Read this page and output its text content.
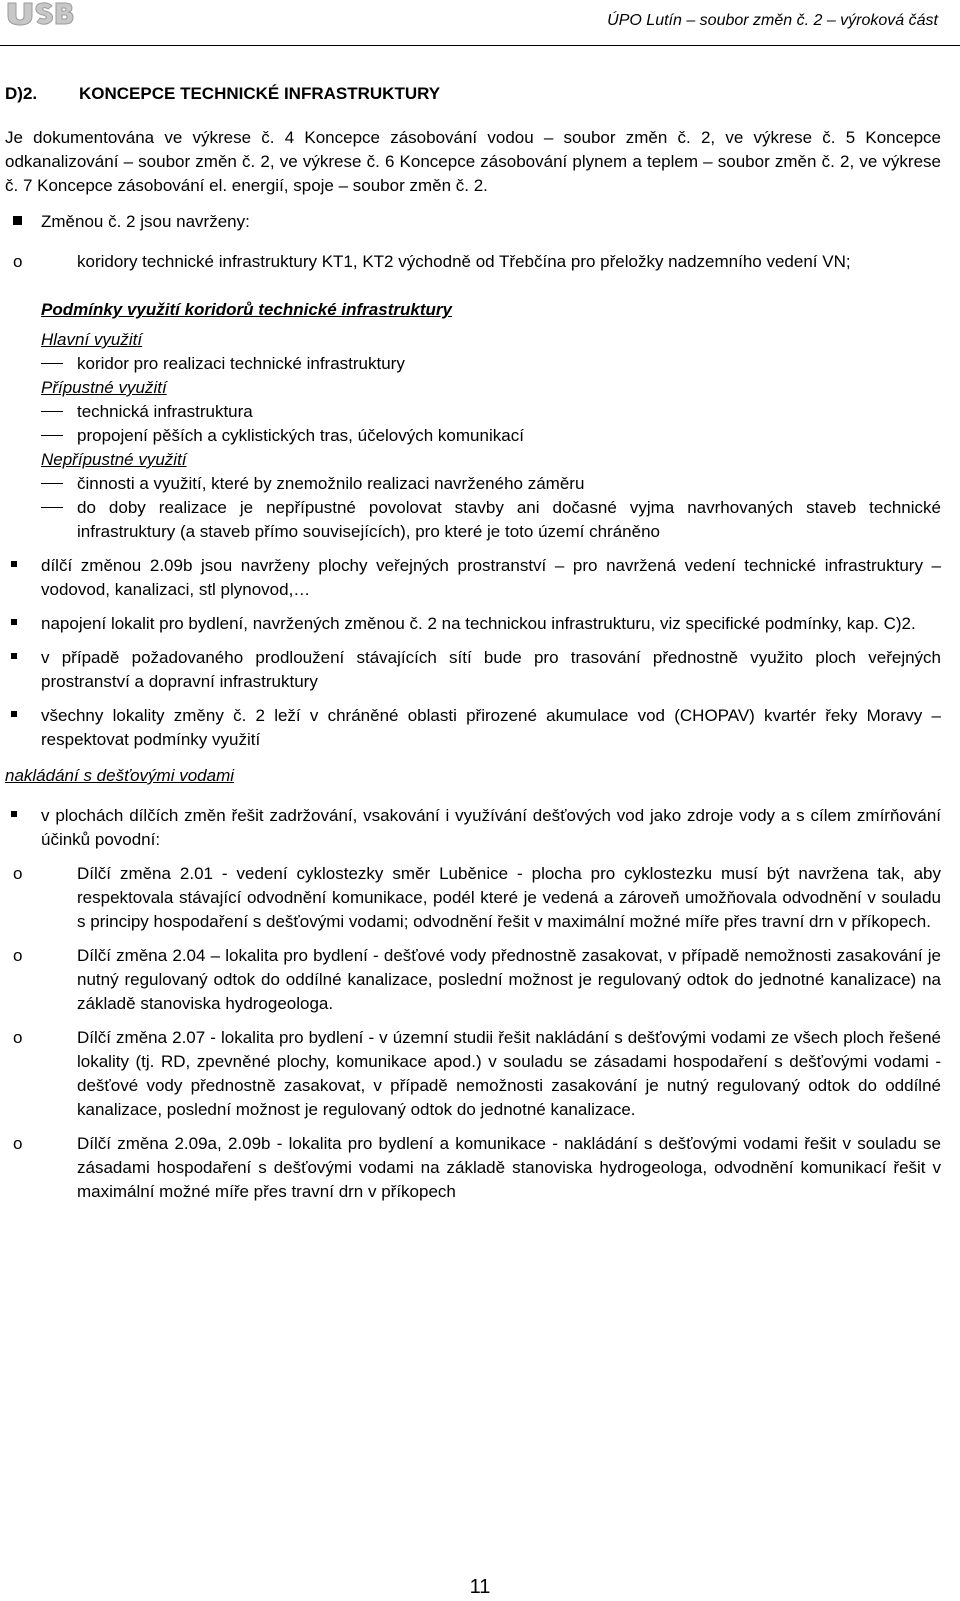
USB	ÚPO Lutín – soubor změn č. 2 – výroková část
D)2.	KONCEPCE TECHNICKÉ INFRASTRUKTURY
Je dokumentována ve výkrese č. 4 Koncepce zásobování vodou – soubor změn č. 2, ve výkrese č. 5 Koncepce odkanalizování – soubor změn č. 2, ve výkrese č. 6 Koncepce zásobování plynem a teplem – soubor změn č. 2, ve výkrese č. 7 Koncepce zásobování el. energií, spoje – soubor změn č. 2.
Změnou č. 2 jsou navrženy:
o	koridory technické infrastruktury KT1, KT2 východně od Třebčína pro přeložky nadzemního vedení VN;
Podmínky využití koridorů technické infrastruktury
Hlavní využití
koridor pro realizaci technické infrastruktury
Přípustné využití
technická infrastruktura
propojení pěších a cyklistických tras, účelových komunikací
Nepřípustné využití
činnosti a využití, které by znemožnilo realizaci navrženého záměru
do doby realizace je nepřípustné povolovat stavby ani dočasné vyjma navrhovaných staveb technické infrastruktury (a staveb přímo souvisejících), pro které je toto území chráněno
dílčí změnou 2.09b jsou navrženy plochy veřejných prostranství – pro navržená vedení technické infrastruktury – vodovod, kanalizaci, stl plynovod,…
napojení lokalit pro bydlení, navržených změnou č. 2 na technickou infrastrukturu, viz specifické podmínky, kap. C)2.
v případě požadovaného prodloužení stávajících sítí bude pro trasování přednostně využito ploch veřejných prostranství a dopravní infrastruktury
všechny lokality změny č. 2 leží v chráněné oblasti přirozené akumulace vod (CHOPAV) kvartér řeky Moravy – respektovat podmínky využití
nakládání s dešťovými vodami
v plochách dílčích změn řešit zadržování, vsakování i využívání dešťových vod jako zdroje vody a s cílem zmírňování účinků povodní:
o	Dílčí změna 2.01 - vedení cyklostezky směr Luběnice - plocha pro cyklostezku musí být navržena tak, aby respektovala stávající odvodnění komunikace, podél které je vedená a zároveň umožňovala odvodnění v souladu s principy hospodaření s dešťovými vodami; odvodnění řešit v maximální možné míře přes travní drn v příkopech.
o	Dílčí změna 2.04 – lokalita pro bydlení - dešťové vody přednostně zasakovat, v případě nemožnosti zasakování je nutný regulovaný odtok do oddílné kanalizace, poslední možnost je regulovaný odtok do jednotné kanalizace) na základě stanoviska hydrogeologa.
o	Dílčí změna 2.07 - lokalita pro bydlení - v územní studii řešit nakládání s dešťovými vodami ze všech ploch řešené lokality (tj. RD, zpevněné plochy, komunikace apod.) v souladu se zásadami hospodaření s dešťovými vodami - dešťové vody přednostně zasakovat, v případě nemožnosti zasakování je nutný regulovaný odtok do oddílné kanalizace, poslední možnost je regulovaný odtok do jednotné kanalizace.
o	Dílčí změna 2.09a, 2.09b - lokalita pro bydlení a komunikace - nakládání s dešťovými vodami řešit v souladu se zásadami hospodaření s dešťovými vodami na základě stanoviska hydrogeologa, odvodnění komunikací řešit v maximální možné míře přes travní drn v příkopech
11
